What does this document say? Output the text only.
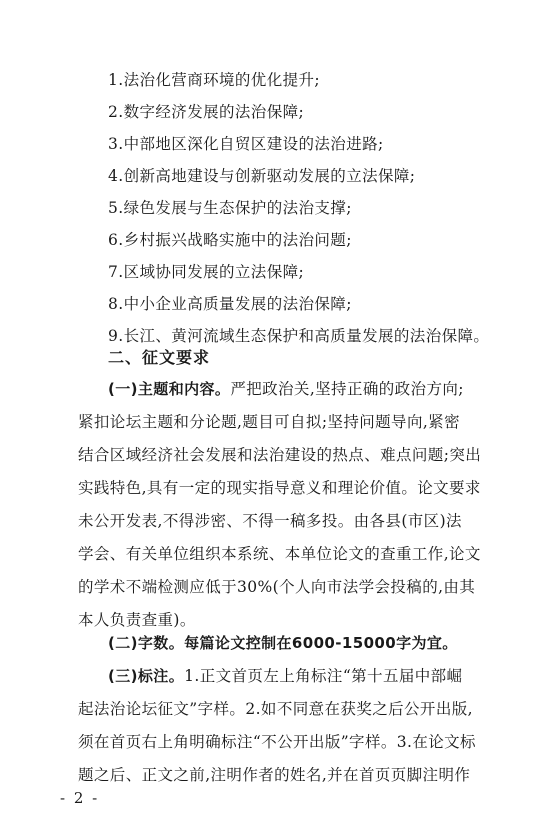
1.法治化营商环境的优化提升;
2.数字经济发展的法治保障;
3.中部地区深化自贸区建设的法治进路;
4.创新高地建设与创新驱动发展的立法保障;
5.绿色发展与生态保护的法治支撑;
6.乡村振兴战略实施中的法治问题;
7.区域协同发展的立法保障;
8.中小企业高质量发展的法治保障;
9.长江、黄河流域生态保护和高质量发展的法治保障。
二、征文要求
(一)主题和内容。严把政治关,坚持正确的政治方向;
紧扣论坛主题和分论题,题目可自拟;坚持问题导向,紧密
结合区域经济社会发展和法治建设的热点、难点问题;突出
实践特色,具有一定的现实指导意义和理论价值。论文要求
未公开发表,不得涉密、不得一稿多投。由各县(市区)法
学会、有关单位组织本系统、本单位论文的查重工作,论文
的学术不端检测应低于30%(个人向市法学会投稿的,由其
本人负责查重)。
(二)字数。每篇论文控制在6000-15000字为宜。
(三)标注。1.正文首页左上角标注“第十五届中部崛
起法治论坛征文”字样。2.如不同意在获奖之后公开出版,
须在首页右上角明确标注“不公开出版”字样。3.在论文标
题之后、正文之前,注明作者的姓名,并在首页页脚注明作
- 2 -
